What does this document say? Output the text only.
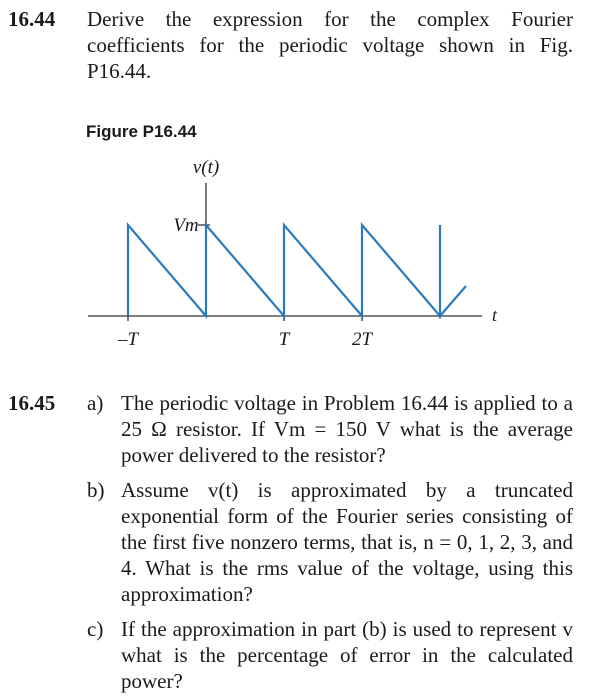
16.44 Derive the expression for the complex Fourier coefficients for the periodic voltage shown in Fig. P16.44.
Figure P16.44
v(t)
Vm
t
–T	T	2T
16.45 a) The periodic voltage in Problem 16.44 is applied to a 25 Ω resistor. If Vm = 150 V what is the average power delivered to the resistor?
b) Assume v(t) is approximated by a truncated exponential form of the Fourier series consisting of the first five nonzero terms, that is, n = 0, 1, 2, 3, and 4. What is the rms value of the voltage, using this approximation?
c) If the approximation in part (b) is used to represent v what is the percentage of error in the calculated power?
